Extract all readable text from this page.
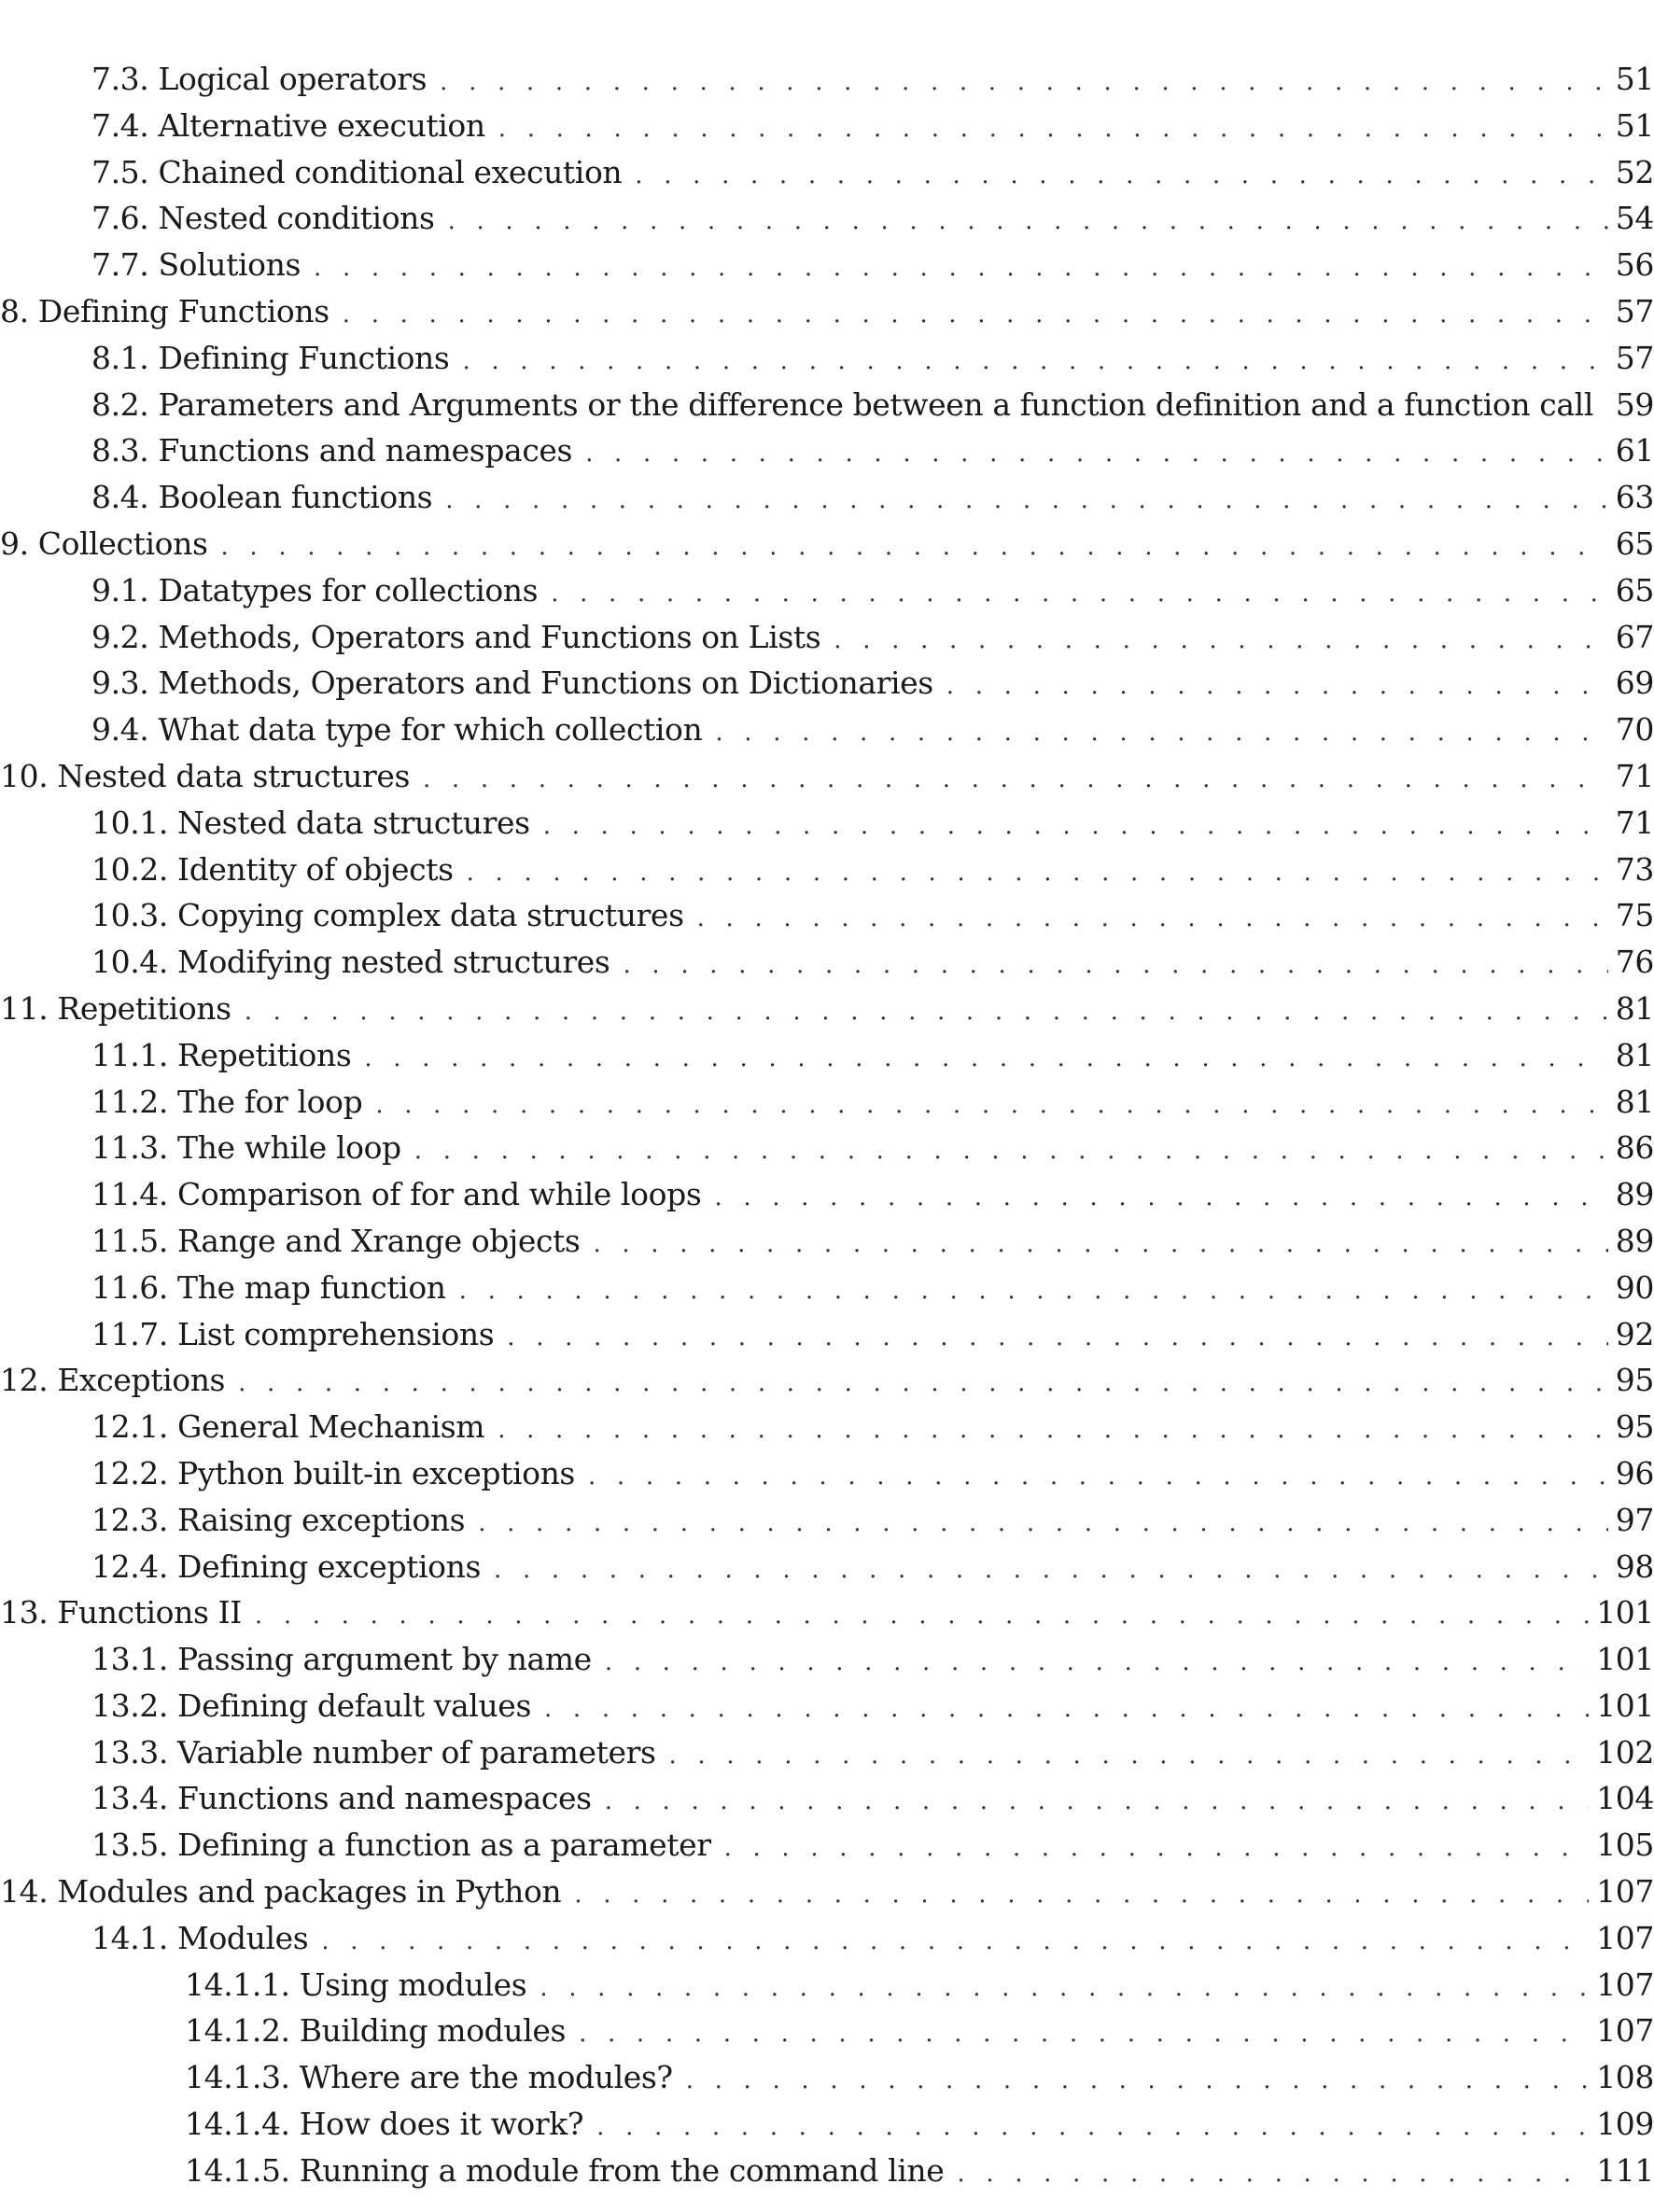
7.3. Logical operators . . .	51
7.4. Alternative execution . . .	51
7.5. Chained conditional execution . . .	52
7.6. Nested conditions . . .	54
7.7. Solutions . . .	56
8. Defining Functions . . .	57
8.1. Defining Functions . . .	57
8.2. Parameters and Arguments or the difference between a function definition and a function call 59
8.3. Functions and namespaces . . .	61
8.4. Boolean functions . . .	63
9. Collections . . .	65
9.1. Datatypes for collections . . .	65
9.2. Methods, Operators and Functions on Lists . . .	67
9.3. Methods, Operators and Functions on Dictionaries . . .	69
9.4. What data type for which collection . . .	70
10. Nested data structures . . .	71
10.1. Nested data structures . . .	71
10.2. Identity of objects . . .	73
10.3. Copying complex data structures . . .	75
10.4. Modifying nested structures . . .	76
11. Repetitions . . .	81
11.1. Repetitions . . .	81
11.2. The for loop . . .	81
11.3. The while loop . . .	86
11.4. Comparison of for and while loops . . .	89
11.5. Range and Xrange objects . . .	89
11.6. The map function . . .	90
11.7. List comprehensions . . .	92
12. Exceptions . . .	95
12.1. General Mechanism . . .	95
12.2. Python built-in exceptions . . .	96
12.3. Raising exceptions . . .	97
12.4. Defining exceptions . . .	98
13. Functions II . . .	101
13.1. Passing argument by name . . .	101
13.2. Defining default values . . .	101
13.3. Variable number of parameters . . .	102
13.4. Functions and namespaces . . .	104
13.5. Defining a function as a parameter . . .	105
14. Modules and packages in Python . . .	107
14.1. Modules . . .	107
14.1.1. Using modules . . .	107
14.1.2. Building modules . . .	107
14.1.3. Where are the modules? . . .	108
14.1.4. How does it work? . . .	109
14.1.5. Running a module from the command line . . .	111
